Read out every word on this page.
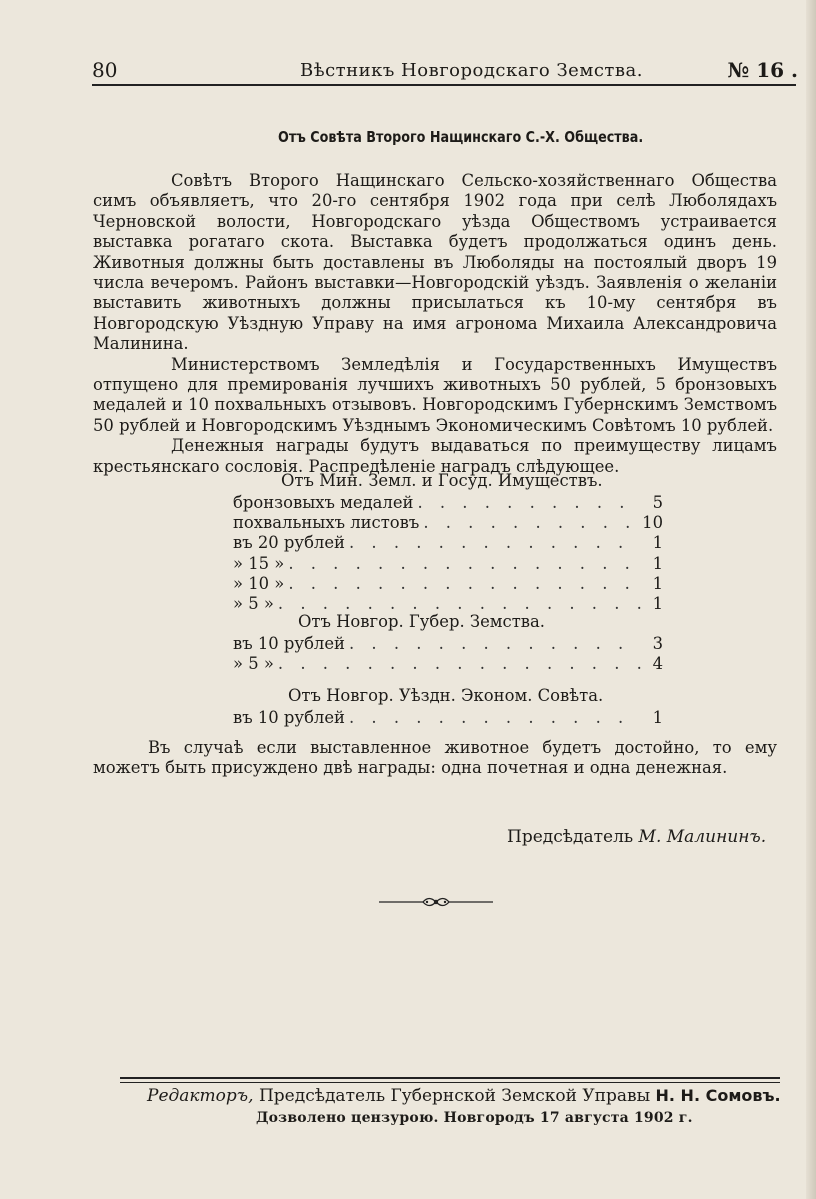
80	Вѣстникъ Новгородскаго Земства.	№ 16 .
Отъ Совѣта Второго Нащинскаго С.-Х. Общества.

Совѣтъ Второго Нащинскаго Сельско-хозяйственнаго Общества симъ объявляетъ, что 20-го сентября 1902 года при селѣ Люболядахъ Черновской волости, Новгородскаго уѣзда Обществомъ устраивается выставка рогатаго скота. Выставка будетъ продолжаться одинъ день. Животныя должны быть доставлены въ Люболяды на постоялый дворъ 19 числа вечеромъ. Районъ выставки—Новгородскій уѣздъ. Заявленія о желаніи выставить животныхъ должны присылаться къ 10-му сентября въ Новгородскую Уѣздную Управу на имя агронома Михаила Александровича Малинина.

Министерствомъ Земледѣлія и Государственныхъ Имуществъ отпущено для премированія лучшихъ животныхъ 50 рублей, 5 бронзовыхъ медалей и 10 похвальныхъ отзывовъ. Новгородскимъ Губернскимъ Земствомъ 50 рублей и Новгородскимъ Уѣзднымъ Экономическимъ Совѣтомъ 10 рублей.

Денежныя награды будутъ выдаваться по преимуществу лицамъ крестьянскаго сословія. Распредѣленіе наградъ слѣдующее.

Отъ Мин. Земл. и Госуд. Имуществъ.
бронзовыхъ медалей . . .	5
похвальныхъ листовъ . . .	10
въ 20 рублей . . .	1
» 15 » . . .	1
» 10 » . . .	1
» 5 » . . .	1
Отъ Новгор. Губер. Земства.
въ 10 рублей . . .	3
» 5 » . . .	4
Отъ Новгор. Уѣздн. Эконом. Совѣта.
въ 10 рублей . . .	1

Въ случаѣ если выставленное животное будетъ достойно, то ему можетъ быть присуждено двѣ награды: одна почетная и одна денежная.

Предсѣдатель М. Малининъ.
Редакторъ, Предсѣдатель Губернской Земской Управы Н. Н. Сомовъ.
Дозволено цензурою. Новгородъ 17 августа 1902 г.
